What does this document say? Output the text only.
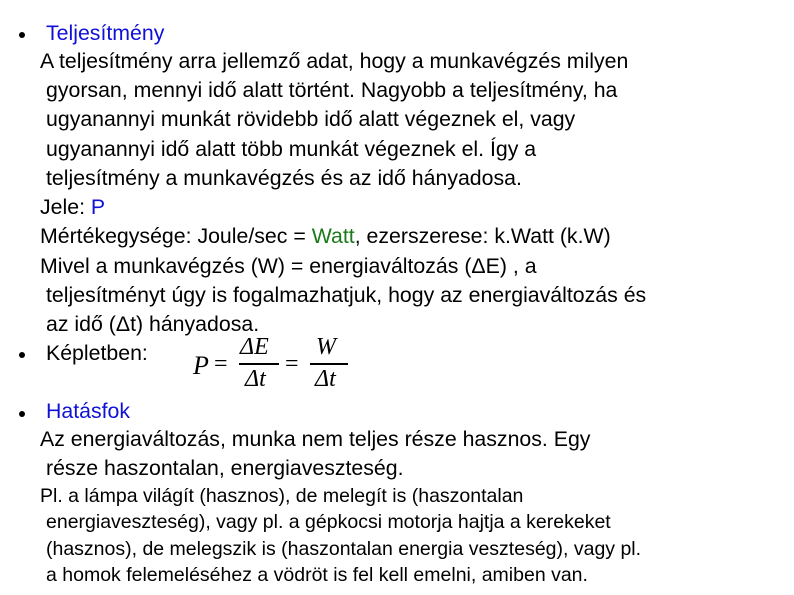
Teljesítmény
A teljesítmény arra jellemző adat, hogy a munkavégzés milyen
gyorsan, mennyi idő alatt történt. Nagyobb a teljesítmény, ha
ugyanannyi munkát rövidebb idő alatt végeznek el, vagy
ugyanannyi idő alatt több munkát végeznek el. Így a
teljesítmény a munkavégzés és az idő hányadosa.
Jele: P
Mértékegysége: Joule/sec = Watt, ezerszerese: k.Watt (k.W)
Mivel a munkavégzés (W) = energiaváltozás (ΔE) , a
teljesítményt úgy is fogalmazhatjuk, hogy az energiaváltozás és
az idő (Δt) hányadosa.
Képletben: P =
ΔE
Δt
=
W
Δt
Hatásfok
Az energiaváltozás, munka nem teljes része hasznos. Egy
része haszontalan, energiaveszteség.
Pl. a lámpa világít (hasznos), de melegít is (haszontalan
energiaveszteség), vagy pl. a gépkocsi motorja hajtja a kerekeket
(hasznos), de melegszik is (haszontalan energia veszteség), vagy pl.
a homok felemeléséhez a vödröt is fel kell emelni, amiben van.
